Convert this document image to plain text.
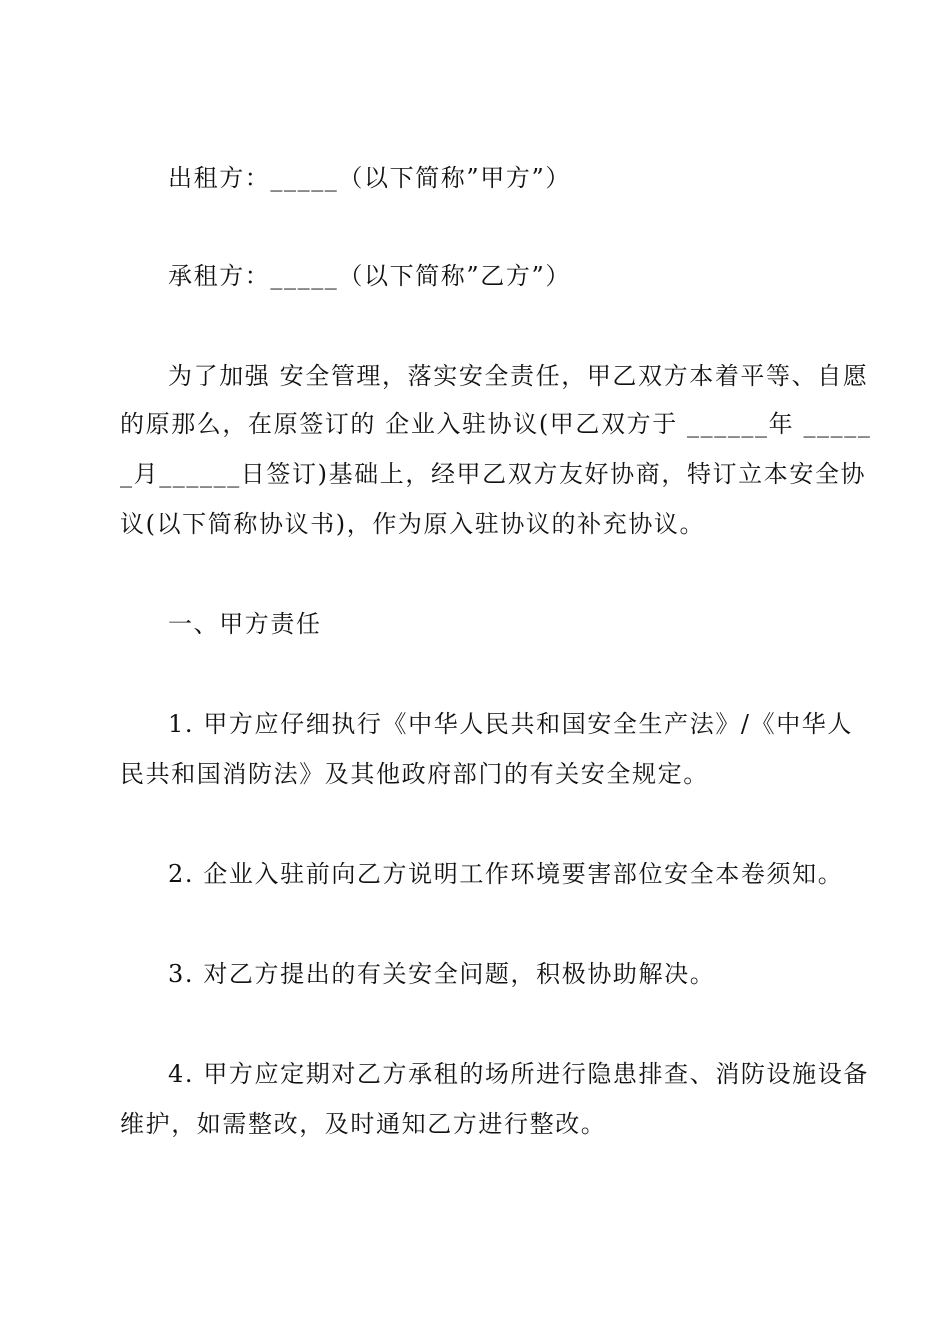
出租方：_____（以下简称”甲方”）
承租方：_____（以下简称”乙方”）
为了加强 安全管理，落实安全责任，甲乙双方本着平等、自愿
的原那么，在原签订的 企业入驻协议(甲乙双方于 ______年 _____
_月______日签订)基础上，经甲乙双方友好协商，特订立本安全协
议(以下简称协议书)，作为原入驻协议的补充协议。
一、甲方责任
1. 甲方应仔细执行《中华人民共和国安全生产法》/《中华人
民共和国消防法》及其他政府部门的有关安全规定。
2. 企业入驻前向乙方说明工作环境要害部位安全本卷须知。
3. 对乙方提出的有关安全问题，积极协助解决。
4. 甲方应定期对乙方承租的场所进行隐患排查、消防设施设备
维护，如需整改，及时通知乙方进行整改。
